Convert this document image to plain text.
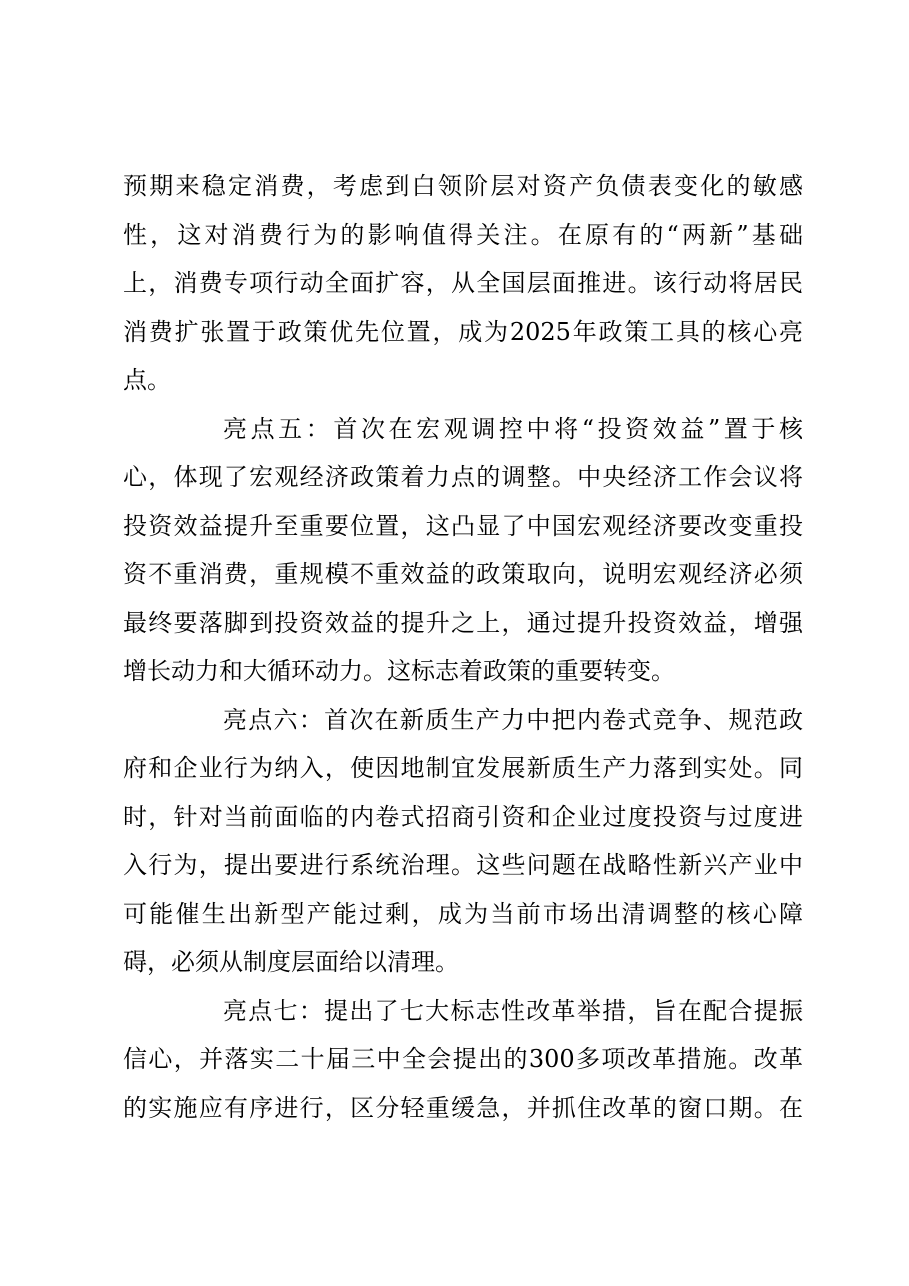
预期来稳定消费，考虑到白领阶层对资产负债表变化的敏感
性，这对消费行为的影响值得关注。在原有的“两新”基础
上，消费专项行动全面扩容，从全国层面推进。该行动将居民
消费扩张置于政策优先位置，成为2025年政策工具的核心亮
点。
亮点五：首次在宏观调控中将“投资效益”置于核
心，体现了宏观经济政策着力点的调整。中央经济工作会议将
投资效益提升至重要位置，这凸显了中国宏观经济要改变重投
资不重消费，重规模不重效益的政策取向，说明宏观经济必须
最终要落脚到投资效益的提升之上，通过提升投资效益，增强
增长动力和大循环动力。这标志着政策的重要转变。
亮点六：首次在新质生产力中把内卷式竞争、规范政
府和企业行为纳入，使因地制宜发展新质生产力落到实处。同
时，针对当前面临的内卷式招商引资和企业过度投资与过度进
入行为，提出要进行系统治理。这些问题在战略性新兴产业中
可能催生出新型产能过剩，成为当前市场出清调整的核心障
碍，必须从制度层面给以清理。
亮点七：提出了七大标志性改革举措，旨在配合提振
信心，并落实二十届三中全会提出的300多项改革措施。改革
的实施应有序进行，区分轻重缓急，并抓住改革的窗口期。在
